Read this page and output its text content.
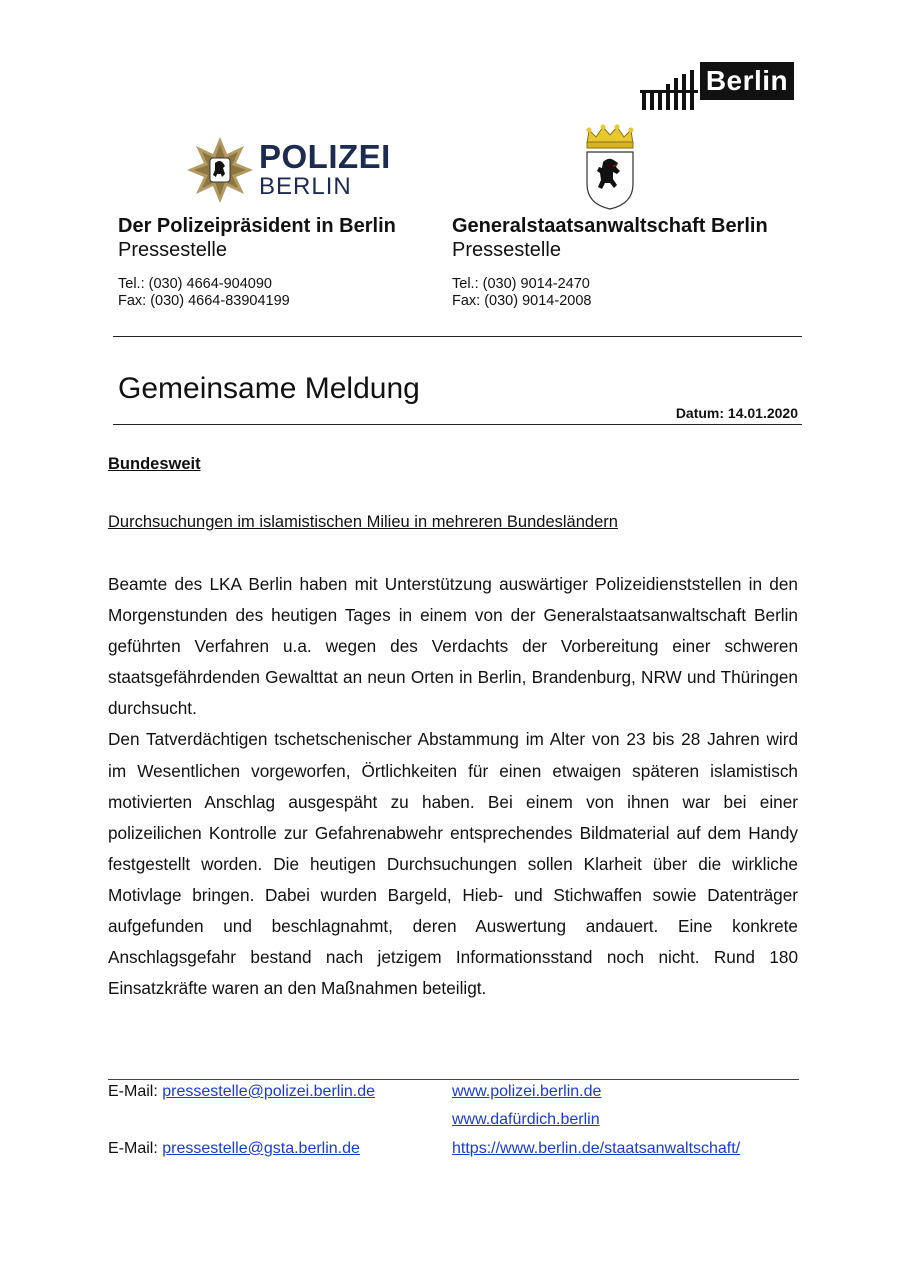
Berlin
POLIZEI
BERLIN
Der Polizeipräsident in Berlin
Pressestelle
Tel.: (030) 4664-904090
Fax: (030) 4664-83904199
Generalstaatsanwaltschaft Berlin
Pressestelle
Tel.: (030) 9014-2470
Fax: (030) 9014-2008
Gemeinsame Meldung
Datum: 14.01.2020
Bundesweit
Durchsuchungen im islamistischen Milieu in mehreren Bundesländern

Beamte des LKA Berlin haben mit Unterstützung auswärtiger Polizeidienststellen in den Morgenstunden des heutigen Tages in einem von der Generalstaatsanwaltschaft Berlin geführten Verfahren u.a. wegen des Verdachts der Vorbereitung einer schweren staatsgefährdenden Gewalttat an neun Orten in Berlin, Brandenburg, NRW und Thüringen durchsucht.

Den Tatverdächtigen tschetschenischer Abstammung im Alter von 23 bis 28 Jahren wird im Wesentlichen vorgeworfen, Örtlichkeiten für einen etwaigen späteren islamistisch motivierten Anschlag ausgespäht zu haben. Bei einem von ihnen war bei einer polizeilichen Kontrolle zur Gefahrenabwehr entsprechendes Bildmaterial auf dem Handy festgestellt worden. Die heutigen Durchsuchungen sollen Klarheit über die wirkliche Motivlage bringen. Dabei wurden Bargeld, Hieb- und Stichwaffen sowie Datenträger aufgefunden und beschlagnahmt, deren Auswertung andauert. Eine konkrete Anschlagsgefahr bestand nach jetzigem Informationsstand noch nicht. Rund 180 Einsatzkräfte waren an den Maßnahmen beteiligt.

E-Mail: pressestelle@polizei.berlin.de
E-Mail: pressestelle@gsta.berlin.de
www.polizei.berlin.de
www.dafürdich.berlin
https://www.berlin.de/staatsanwaltschaft/
